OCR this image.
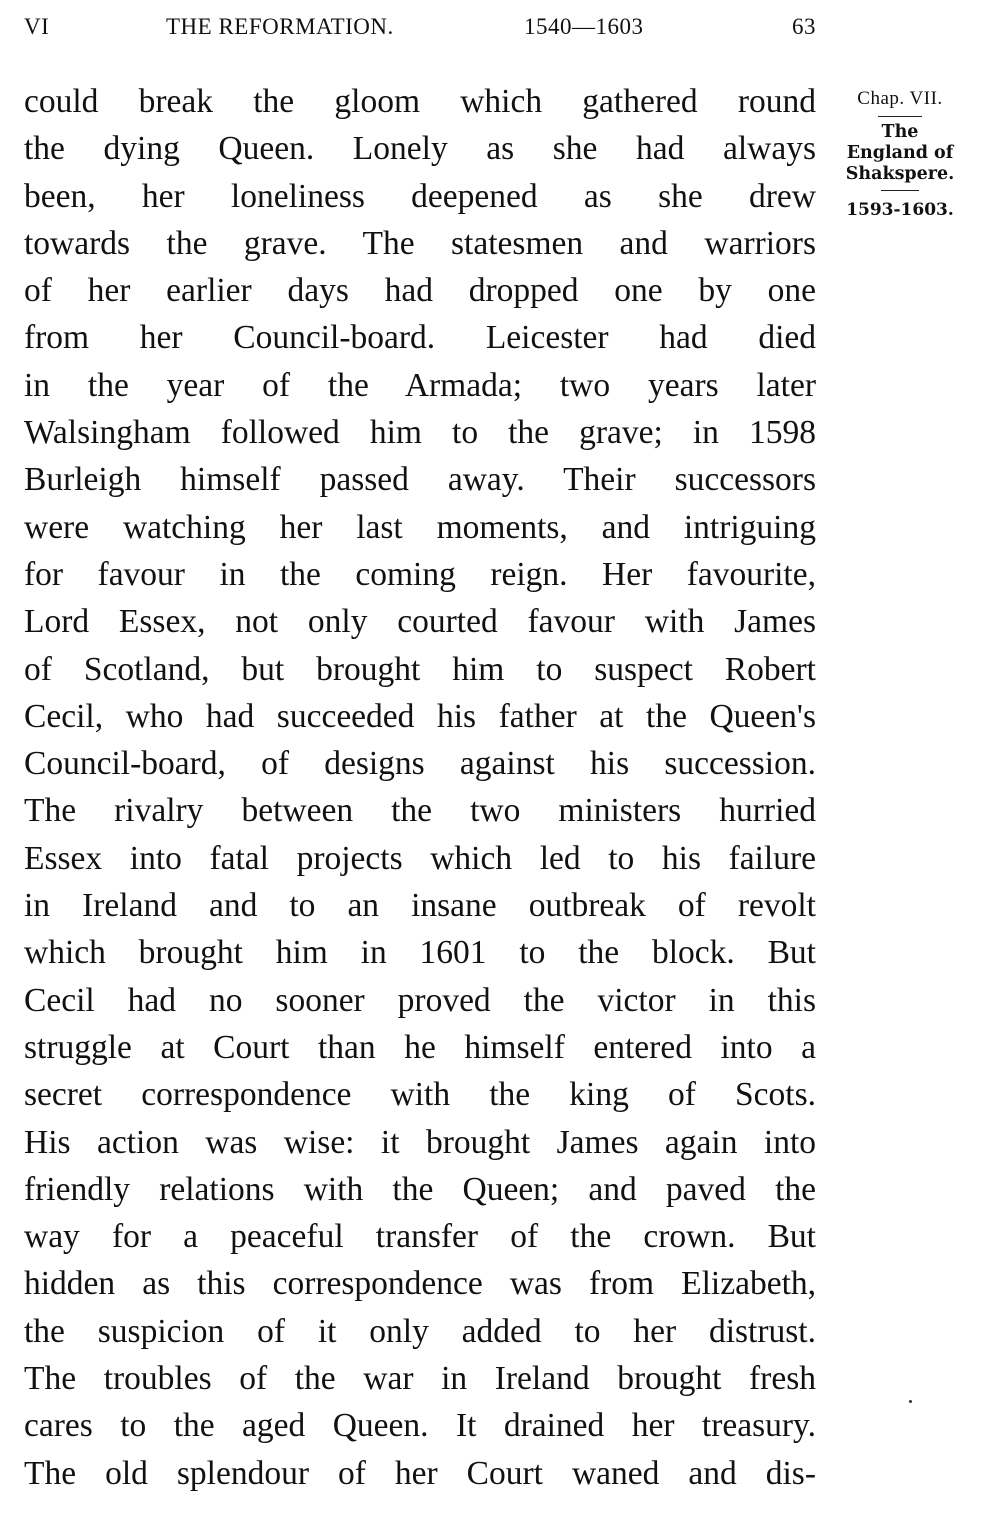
VI	THE REFORMATION.	1540—1603	63
could break the gloom which gathered round
the dying Queen. Lonely as she had always
been, her loneliness deepened as she drew
towards the grave. The statesmen and warriors
of her earlier days had dropped one by one
from her Council-board. Leicester had died
in the year of the Armada; two years later
Walsingham followed him to the grave; in 1598
Burleigh himself passed away. Their successors
were watching her last moments, and intriguing
for favour in the coming reign. Her favourite,
Lord Essex, not only courted favour with James
of Scotland, but brought him to suspect Robert
Cecil, who had succeeded his father at the Queen's
Council-board, of designs against his succession.
The rivalry between the two ministers hurried
Essex into fatal projects which led to his failure
in Ireland and to an insane outbreak of revolt
which brought him in 1601 to the block. But
Cecil had no sooner proved the victor in this
struggle at Court than he himself entered into a
secret correspondence with the king of Scots.
His action was wise: it brought James again into
friendly relations with the Queen; and paved the
way for a peaceful transfer of the crown. But
hidden as this correspondence was from Elizabeth,
the suspicion of it only added to her distrust.
The troubles of the war in Ireland brought fresh
cares to the aged Queen. It drained her treasury.
The old splendour of her Court waned and dis-
Chap. VII.
The
England of
Shakspere.
1593-1603.
